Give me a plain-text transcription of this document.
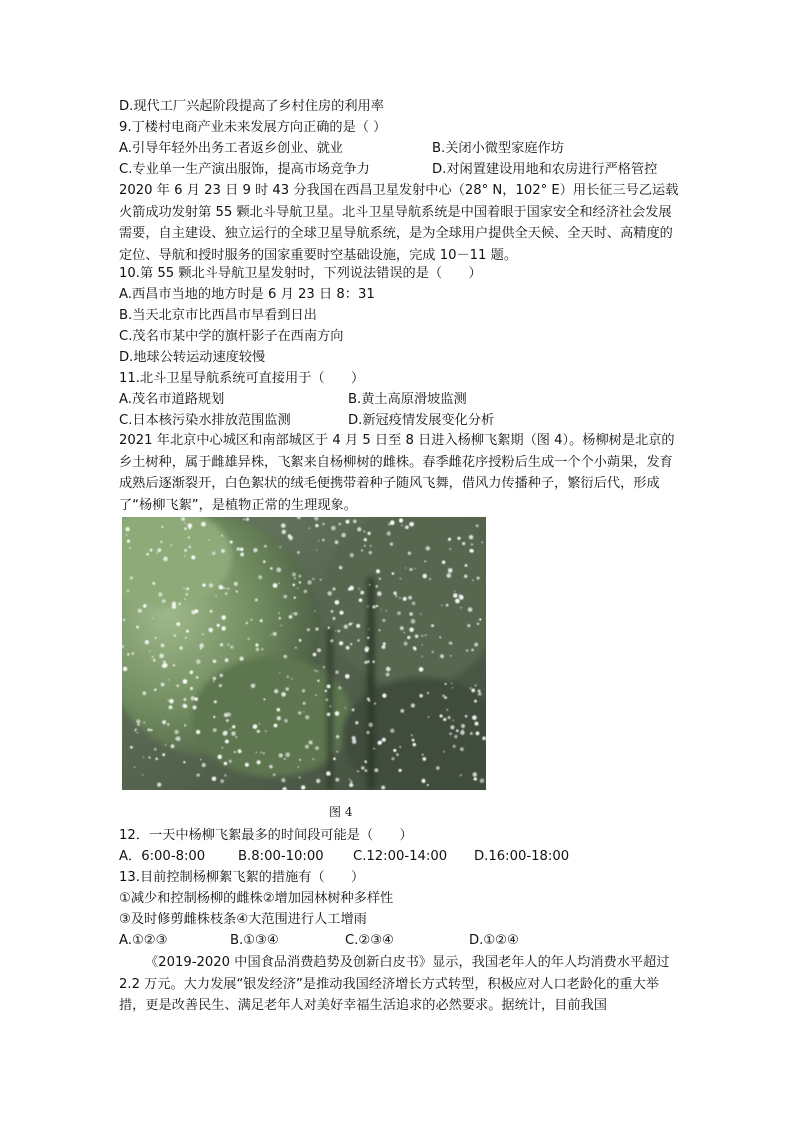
D.现代工厂兴起阶段提高了乡村住房的利用率
9.丁楼村电商产业未来发展方向正确的是（ ）
A.引导年轻外出务工者返乡创业、就业	B.关闭小微型家庭作坊
C.专业单一生产演出服饰，提高市场竞争力	D.对闲置建设用地和农房进行严格管控
2020 年 6 月 23 日 9 时 43 分我国在西昌卫星发射中心（28° N，102° E）用长征三号乙运载火箭成功发射第 55 颗北斗导航卫星。北斗卫星导航系统是中国着眼于国家安全和经济社会发展需要，自主建设、独立运行的全球卫星导航系统，是为全球用户提供全天候、全天时、高精度的定位、导航和授时服务的国家重要时空基础设施，完成 10－11 题。
10.第 55 颗北斗导航卫星发射时，下列说法错误的是（　　）
A.西昌市当地的地方时是 6 月 23 日 8：31
B.当天北京市比西昌市早看到日出
C.茂名市某中学的旗杆影子在西南方向
D.地球公转运动速度较慢
11.北斗卫星导航系统可直接用于（　　）
A.茂名市道路规划	B.黄土高原滑坡监测
C.日本核污染水排放范围监测	D.新冠疫情发展变化分析
2021 年北京中心城区和南部城区于 4 月 5 日至 8 日进入杨柳飞絮期（图 4）。杨柳树是北京的乡土树种，属于雌雄异株，飞絮来自杨柳树的雌株。春季雌花序授粉后生成一个个小蒴果，发育成熟后逐渐裂开，白色絮状的绒毛便携带着种子随风飞舞，借风力传播种子，繁衍后代，形成了“杨柳飞絮”，是植物正常的生理现象。
图 4
12．一天中杨柳飞絮最多的时间段可能是（　　）
A．6:00-8:00 B.8:00-10:00 C.12:00-14:00 D.16:00-18:00
13.目前控制杨柳絮飞絮的措施有（　　）
①减少和控制杨柳的雌株②增加园林树种多样性
③及时修剪雌株枝条④大范围进行人工增雨
A.①②③	B.①③④	C.②③④	D.①②④
《2019-2020 中国食品消费趋势及创新白皮书》显示，我国老年人的年人均消费水平超过 2.2 万元。大力发展“银发经济”是推动我国经济增长方式转型，积极应对人口老龄化的重大举措，更是改善民生、满足老年人对美好幸福生活追求的必然要求。据统计，目前我国
